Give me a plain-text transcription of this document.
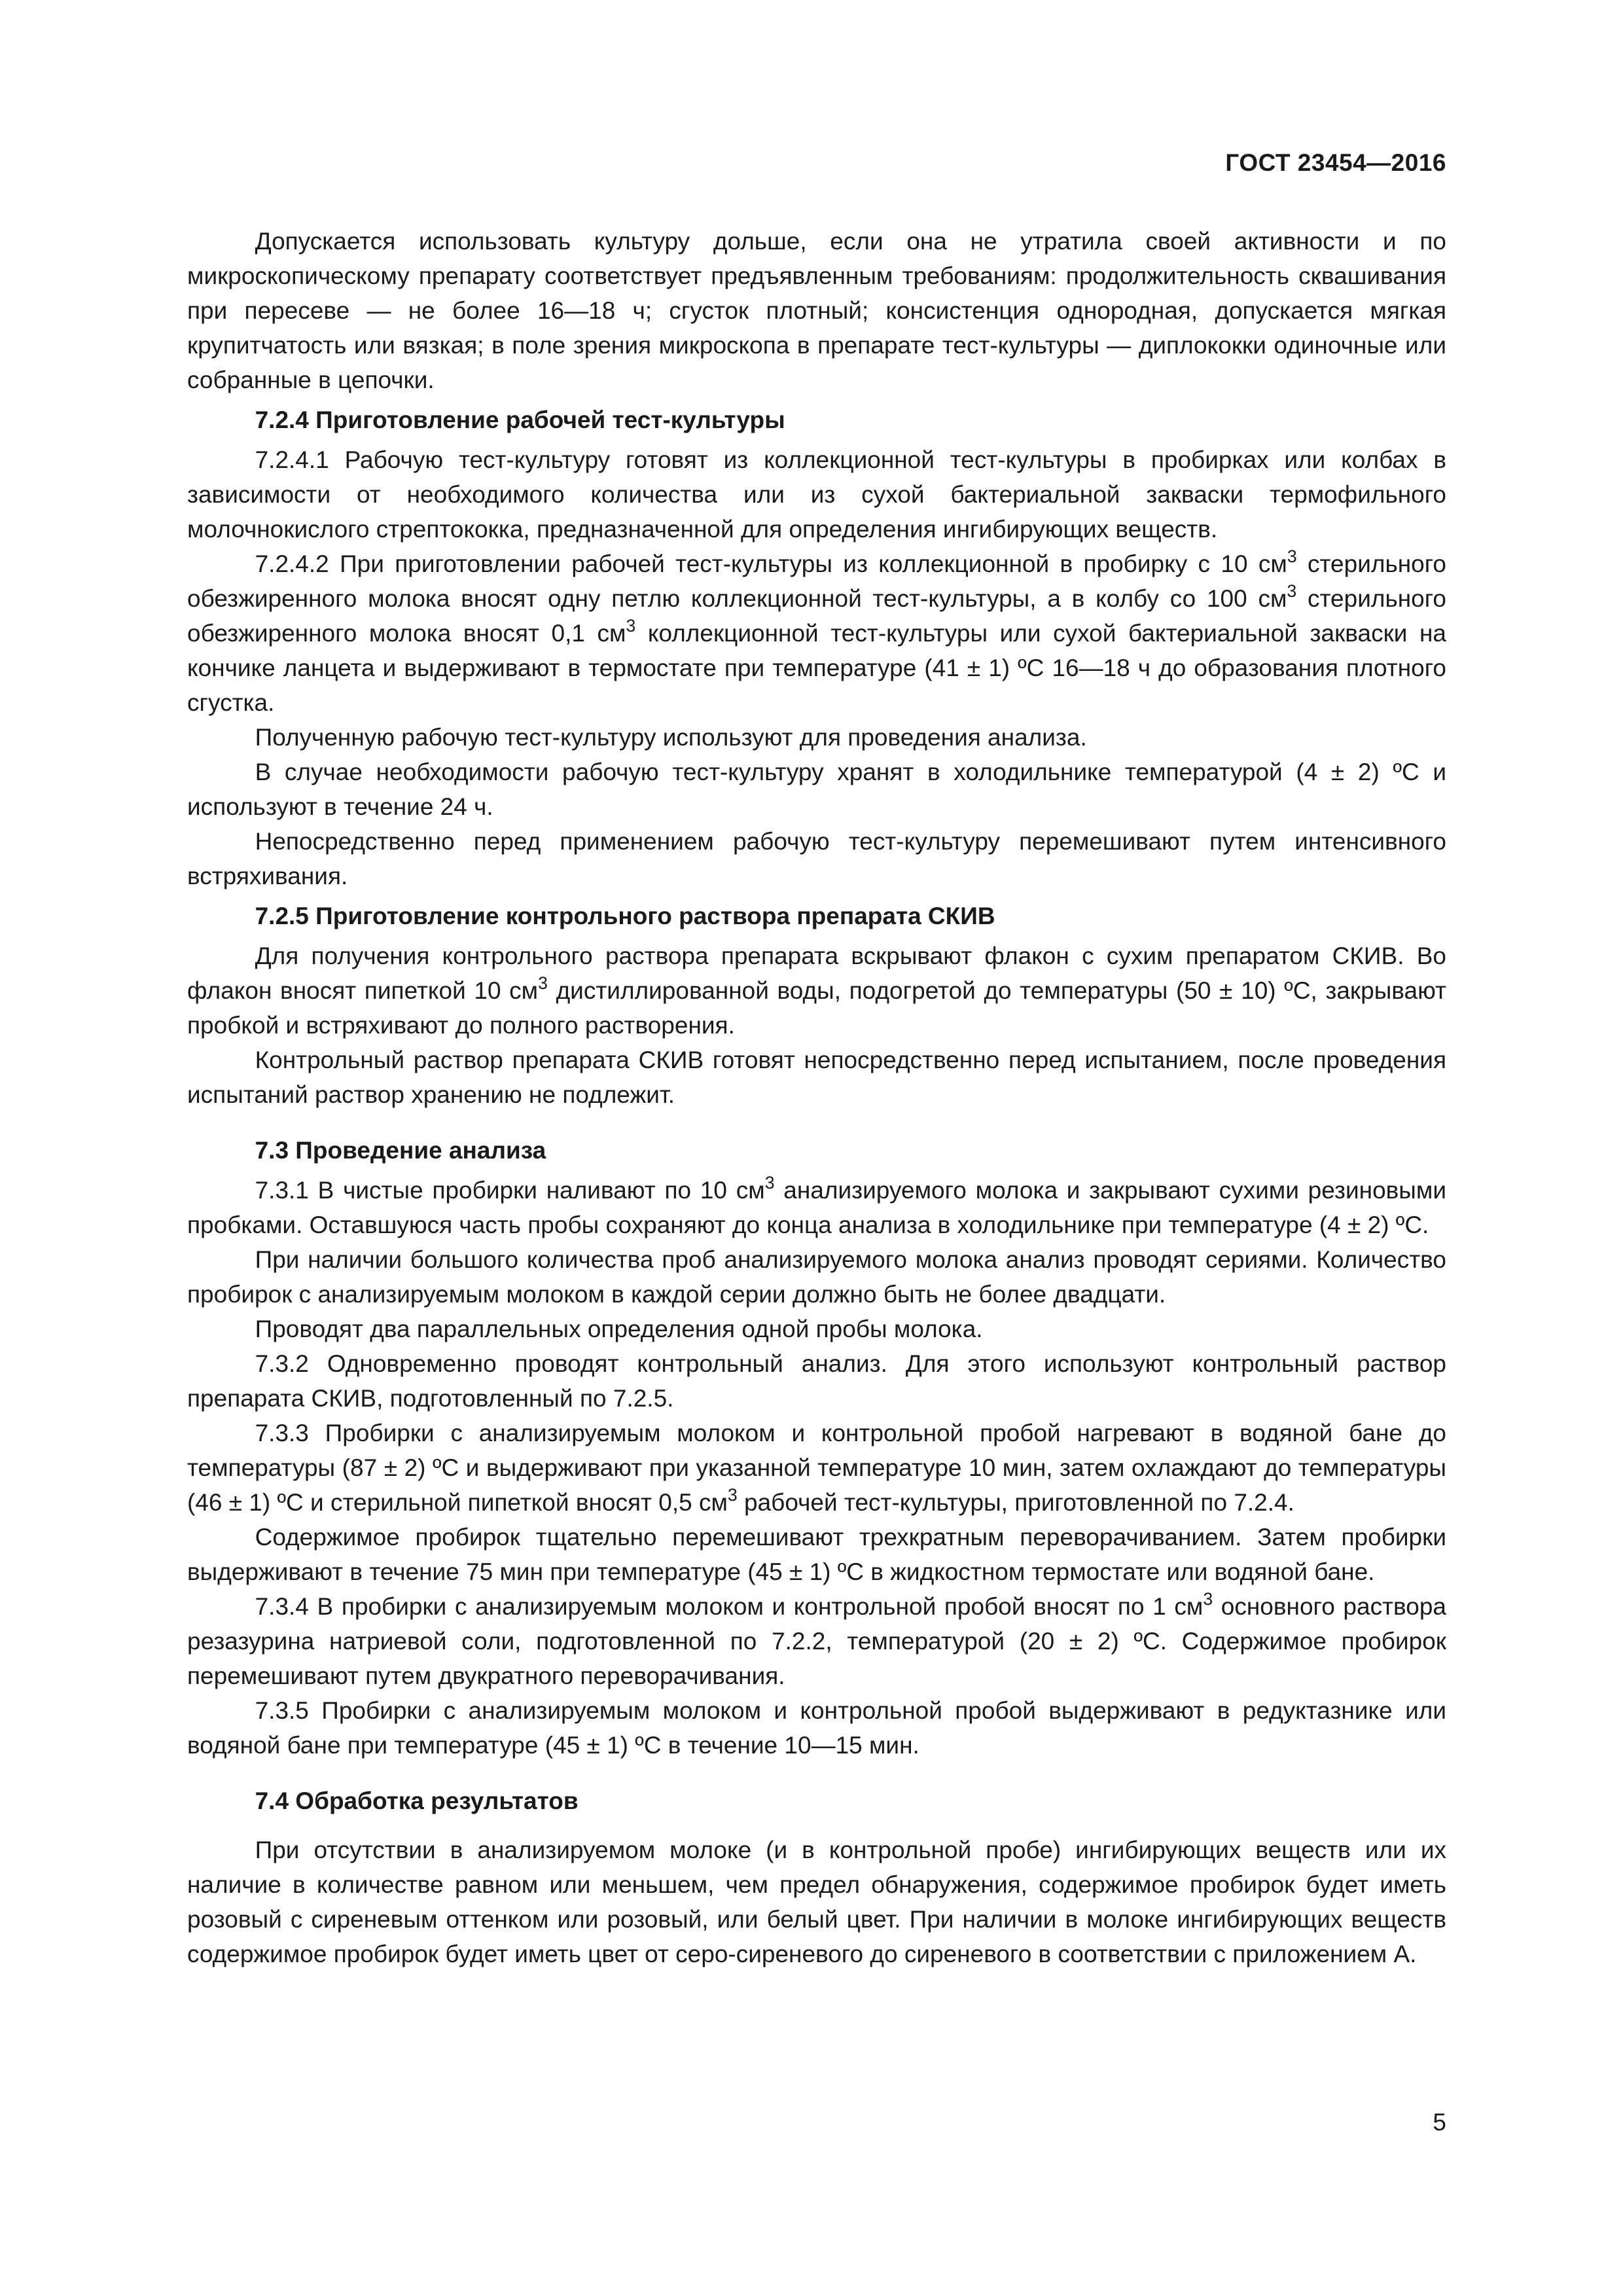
ГОСТ 23454—2016

Допускается использовать культуру дольше, если она не утратила своей активности и по микроскопическому препарату соответствует предъявленным требованиям: продолжительность сквашивания при пересеве — не более 16—18 ч; сгусток плотный; консистенция однородная, допускается мягкая крупитчатость или вязкая; в поле зрения микроскопа в препарате тест-культуры — диплококки одиночные или собранные в цепочки.

7.2.4 Приготовление рабочей тест-культуры

7.2.4.1 Рабочую тест-культуру готовят из коллекционной тест-культуры в пробирках или колбах в зависимости от необходимого количества или из сухой бактериальной закваски термофильного молочнокислого стрептококка, предназначенной для определения ингибирующих веществ.

7.2.4.2 При приготовлении рабочей тест-культуры из коллекционной в пробирку с 10 $см^3$ стерильного обезжиренного молока вносят одну петлю коллекционной тест-культуры, а в колбу со 100 $см^3$ стерильного обезжиренного молока вносят 0,1 $см^3$ коллекционной тест-культуры или сухой бактериальной закваски на кончике ланцета и выдерживают в термостате при температуре (41 ± 1) ºС 16—18 ч до образования плотного сгустка.

Полученную рабочую тест-культуру используют для проведения анализа.

В случае необходимости рабочую тест-культуру хранят в холодильнике температурой (4 ± 2) ºС и используют в течение 24 ч.

Непосредственно перед применением рабочую тест-культуру перемешивают путем интенсивного встряхивания.

7.2.5 Приготовление контрольного раствора препарата СКИВ

Для получения контрольного раствора препарата вскрывают флакон с сухим препаратом СКИВ. Во флакон вносят пипеткой 10 $см^3$ дистиллированной воды, подогретой до температуры (50 ± 10) ºС, закрывают пробкой и встряхивают до полного растворения.

Контрольный раствор препарата СКИВ готовят непосредственно перед испытанием, после проведения испытаний раствор хранению не подлежит.

7.3 Проведение анализа

7.3.1 В чистые пробирки наливают по 10 $см^3$ анализируемого молока и закрывают сухими резиновыми пробками. Оставшуюся часть пробы сохраняют до конца анализа в холодильнике при температуре (4 ± 2) ºС.

При наличии большого количества проб анализируемого молока анализ проводят сериями. Количество пробирок с анализируемым молоком в каждой серии должно быть не более двадцати.

Проводят два параллельных определения одной пробы молока.

7.3.2 Одновременно проводят контрольный анализ. Для этого используют контрольный раствор препарата СКИВ, подготовленный по 7.2.5.

7.3.3 Пробирки с анализируемым молоком и контрольной пробой нагревают в водяной бане до температуры (87 ± 2) ºС и выдерживают при указанной температуре 10 мин, затем охлаждают до температуры (46 ± 1) ºС и стерильной пипеткой вносят 0,5 $см^3$ рабочей тест-культуры, приготовленной по 7.2.4.

Содержимое пробирок тщательно перемешивают трехкратным переворачиванием. Затем пробирки выдерживают в течение 75 мин при температуре (45 ± 1) ºС в жидкостном термостате или водяной бане.

7.3.4 В пробирки с анализируемым молоком и контрольной пробой вносят по 1 $см^3$ основного раствора резазурина натриевой соли, подготовленной по 7.2.2, температурой (20 ± 2) ºС. Содержимое пробирок перемешивают путем двукратного переворачивания.

7.3.5 Пробирки с анализируемым молоком и контрольной пробой выдерживают в редуктазнике или водяной бане при температуре (45 ± 1) ºС в течение 10—15 мин.

7.4 Обработка результатов

При отсутствии в анализируемом молоке (и в контрольной пробе) ингибирующих веществ или их наличие в количестве равном или меньшем, чем предел обнаружения, содержимое пробирок будет иметь розовый с сиреневым оттенком или розовый, или белый цвет. При наличии в молоке ингибирующих веществ содержимое пробирок будет иметь цвет от серо-сиреневого до сиреневого в соответствии с приложением А.

5
